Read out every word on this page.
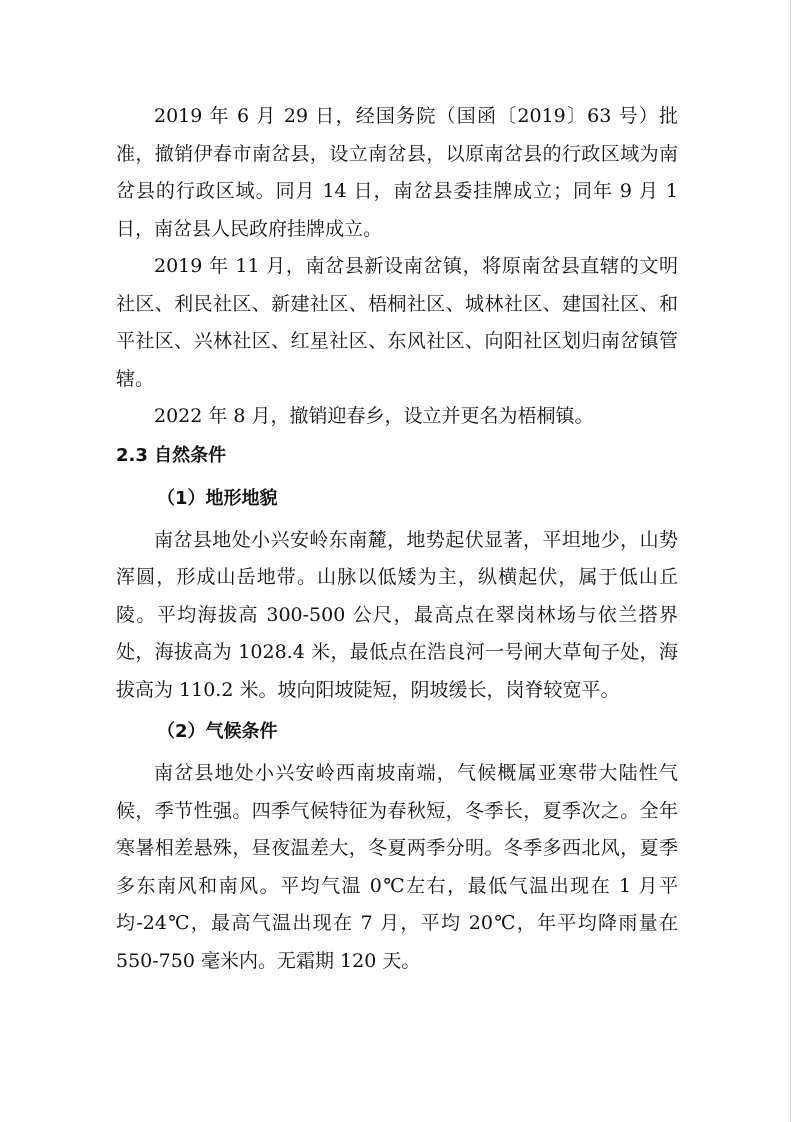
2019 年 6 月 29 日，经国务院（国函〔2019〕63 号）批准，撤销伊春市南岔县，设立南岔县，以原南岔县的行政区域为南岔县的行政区域。同月 14 日，南岔县委挂牌成立；同年 9 月 1 日，南岔县人民政府挂牌成立。

2019 年 11 月，南岔县新设南岔镇，将原南岔县直辖的文明社区、利民社区、新建社区、梧桐社区、城林社区、建国社区、和平社区、兴林社区、红星社区、东风社区、向阳社区划归南岔镇管辖。

2022 年 8 月，撤销迎春乡，设立并更名为梧桐镇。

2.3 自然条件

（1）地形地貌

南岔县地处小兴安岭东南麓，地势起伏显著，平坦地少，山势浑圆，形成山岳地带。山脉以低矮为主，纵横起伏，属于低山丘陵。平均海拔高 300-500 公尺，最高点在翠岗林场与依兰搭界处，海拔高为 1028.4 米，最低点在浩良河一号闸大草甸子处，海拔高为 110.2 米。坡向阳坡陡短，阴坡缓长，岗脊较宽平。

（2）气候条件

南岔县地处小兴安岭西南坡南端，气候概属亚寒带大陆性气候，季节性强。四季气候特征为春秋短，冬季长，夏季次之。全年寒暑相差悬殊，昼夜温差大，冬夏两季分明。冬季多西北风，夏季多东南风和南风。平均气温 0℃左右，最低气温出现在 1 月平均-24℃，最高气温出现在 7 月，平均 20℃，年平均降雨量在 550-750 毫米内。无霜期 120 天。
